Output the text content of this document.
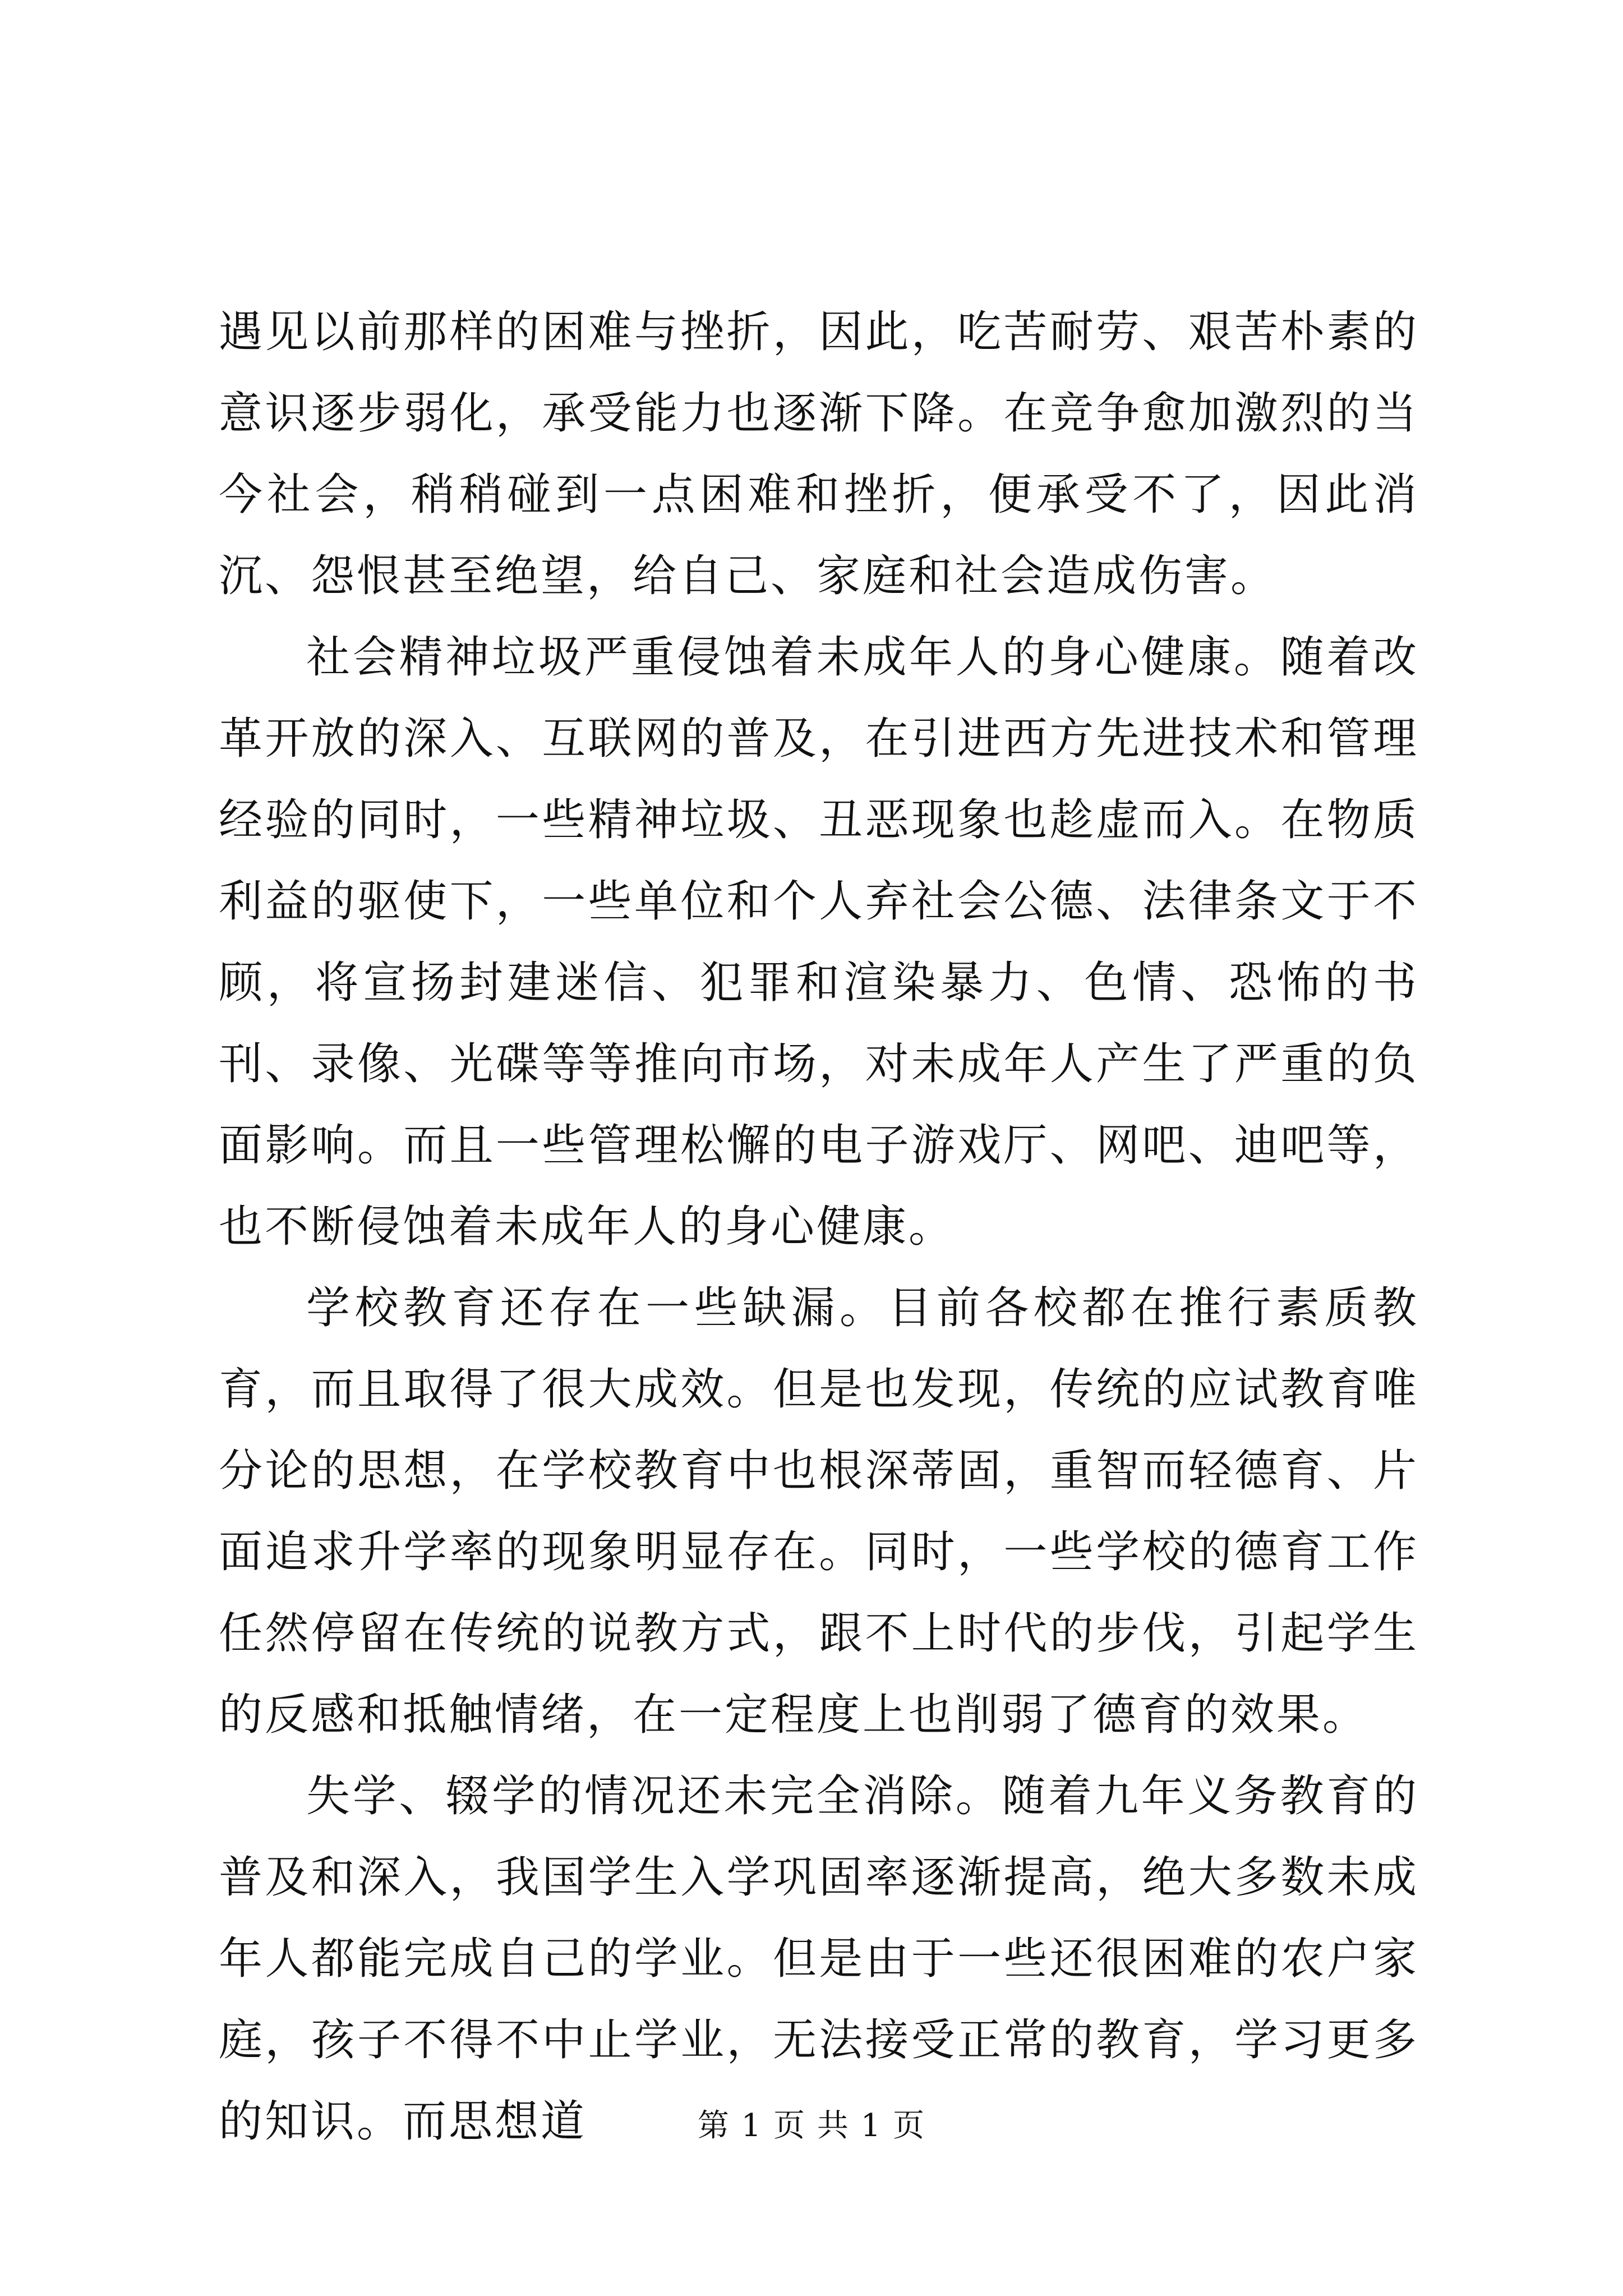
遇见以前那样的困难与挫折，因此，吃苦耐劳、艰苦朴素的意识逐步弱化，承受能力也逐渐下降。在竞争愈加激烈的当今社会，稍稍碰到一点困难和挫折，便承受不了，因此消沉、怨恨甚至绝望，给自己、家庭和社会造成伤害。

社会精神垃圾严重侵蚀着未成年人的身心健康。随着改革开放的深入、互联网的普及，在引进西方先进技术和管理经验的同时，一些精神垃圾、丑恶现象也趁虚而入。在物质利益的驱使下，一些单位和个人弃社会公德、法律条文于不顾，将宣扬封建迷信、犯罪和渲染暴力、色情、恐怖的书刊、录像、光碟等等推向市场，对未成年人产生了严重的负面影响。而且一些管理松懈的电子游戏厅、网吧、迪吧等，也不断侵蚀着未成年人的身心健康。

学校教育还存在一些缺漏。目前各校都在推行素质教育，而且取得了很大成效。但是也发现，传统的应试教育唯分论的思想，在学校教育中也根深蒂固，重智而轻德育、片面追求升学率的现象明显存在。同时，一些学校的德育工作任然停留在传统的说教方式，跟不上时代的步伐，引起学生的反感和抵触情绪，在一定程度上也削弱了德育的效果。

失学、辍学的情况还未完全消除。随着九年义务教育的普及和深入，我国学生入学巩固率逐渐提高，绝大多数未成年人都能完成自己的学业。但是由于一些还很困难的农户家庭，孩子不得不中止学业，无法接受正常的教育，学习更多的知识。而思想道	第 1 页 共 1 页
